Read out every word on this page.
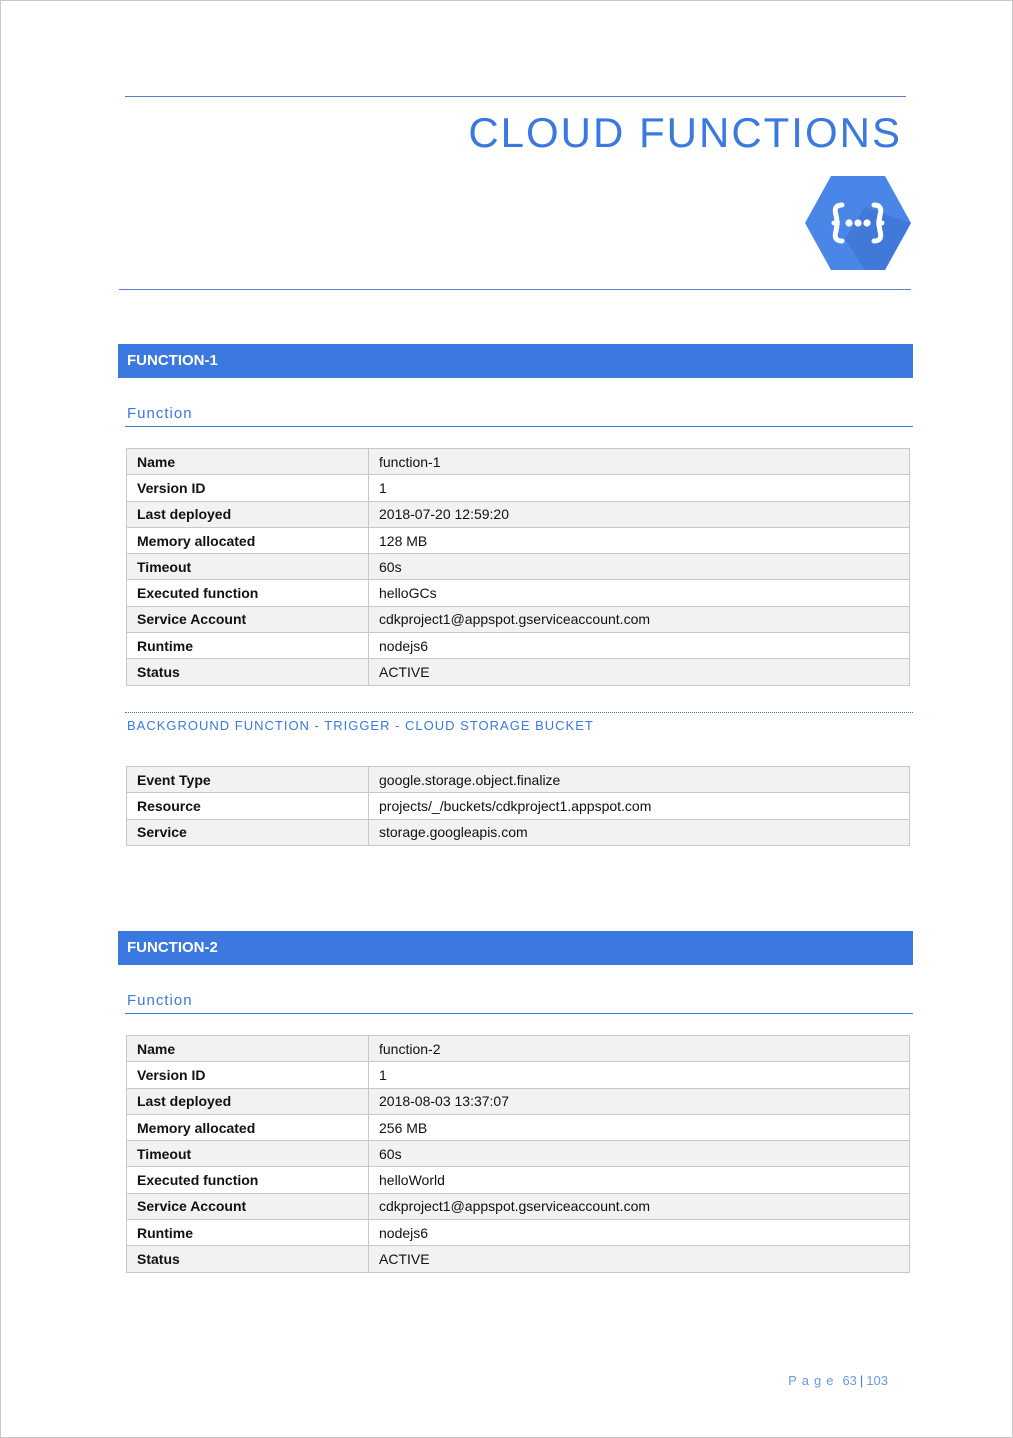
CLOUD FUNCTIONS
FUNCTION-1
Function
Name	function-1
Version ID	1
Last deployed	2018-07-20 12:59:20
Memory allocated	128 MB
Timeout	60s
Executed function	helloGCs
Service Account	cdkproject1@appspot.gserviceaccount.com
Runtime	nodejs6
Status	ACTIVE
BACKGROUND FUNCTION - TRIGGER - CLOUD STORAGE BUCKET
Event Type	google.storage.object.finalize
Resource	projects/_/buckets/cdkproject1.appspot.com
Service	storage.googleapis.com
FUNCTION-2
Function
Name	function-2
Version ID	1
Last deployed	2018-08-03 13:37:07
Memory allocated	256 MB
Timeout	60s
Executed function	helloWorld
Service Account	cdkproject1@appspot.gserviceaccount.com
Runtime	nodejs6
Status	ACTIVE
Page 63 | 103
